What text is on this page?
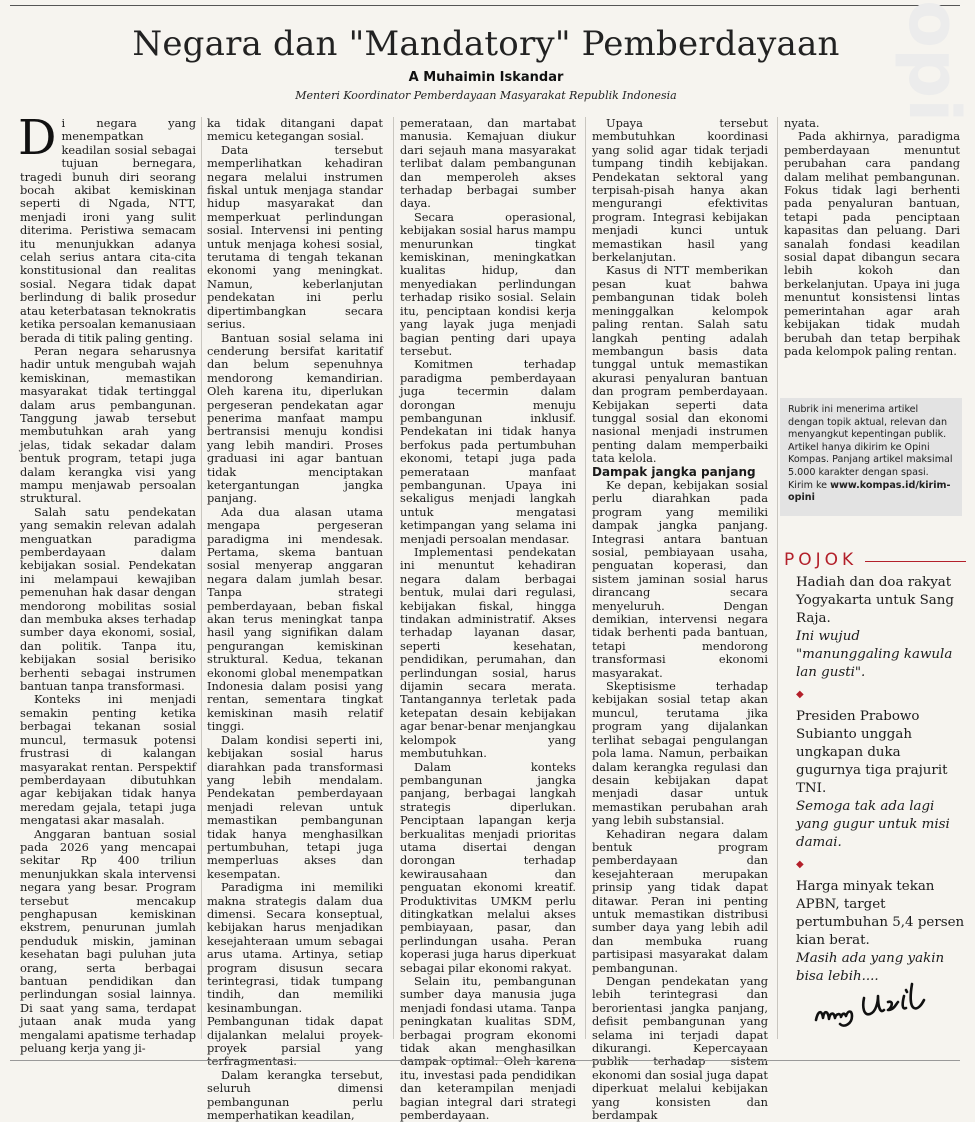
opi
Negara dan "Mandatory" Pemberdayaan
A Muhaimin Iskandar
Menteri Koordinator Pemberdayaan Masyarakat Republik Indonesia

Di negara yang menempatkan keadilan sosial sebagai tujuan bernegara, tragedi bunuh diri seorang bocah akibat kemiskinan seperti di Ngada, NTT, menjadi ironi yang sulit diterima. Peristiwa semacam itu menunjukkan adanya celah serius antara cita-cita konstitusional dan realitas sosial. Negara tidak dapat berlindung di balik prosedur atau keterbatasan teknokratis ketika persoalan kemanusiaan berada di titik paling genting.

Peran negara seharusnya hadir untuk mengubah wajah kemiskinan, memastikan masyarakat tidak tertinggal dalam arus pembangunan. Tanggung jawab tersebut membutuhkan arah yang jelas, tidak sekadar dalam bentuk program, tetapi juga dalam kerangka visi yang mampu menjawab persoalan struktural.

Salah satu pendekatan yang semakin relevan adalah menguatkan paradigma pemberdayaan dalam kebijakan sosial. Pendekatan ini melampaui kewajiban pemenuhan hak dasar dengan mendorong mobilitas sosial dan membuka akses terhadap sumber daya ekonomi, sosial, dan politik. Tanpa itu, kebijakan sosial berisiko berhenti sebagai instrumen bantuan tanpa transformasi.

Konteks ini menjadi semakin penting ketika berbagai tekanan sosial muncul, termasuk potensi frustrasi di kalangan masyarakat rentan. Perspektif pemberdayaan dibutuhkan agar kebijakan tidak hanya meredam gejala, tetapi juga mengatasi akar masalah.

Anggaran bantuan sosial pada 2026 yang mencapai sekitar Rp 400 triliun menunjukkan skala intervensi negara yang besar. Program tersebut mencakup penghapusan kemiskinan ekstrem, penurunan jumlah penduduk miskin, jaminan kesehatan bagi puluhan juta orang, serta berbagai bantuan pendidikan dan perlindungan sosial lainnya. Di saat yang sama, terdapat jutaan anak muda yang mengalami apatisme terhadap peluang kerja yang ji-

ka tidak ditangani dapat memicu ketegangan sosial.

Data tersebut memperlihatkan kehadiran negara melalui instrumen fiskal untuk menjaga standar hidup masyarakat dan memperkuat perlindungan sosial. Intervensi ini penting untuk menjaga kohesi sosial, terutama di tengah tekanan ekonomi yang meningkat. Namun, keberlanjutan pendekatan ini perlu dipertimbangkan secara serius.

Bantuan sosial selama ini cenderung bersifat karitatif dan belum sepenuhnya mendorong kemandirian. Oleh karena itu, diperlukan pergeseran pendekatan agar penerima manfaat mampu bertransisi menuju kondisi yang lebih mandiri. Proses graduasi ini agar bantuan tidak menciptakan ketergantungan jangka panjang.

Ada dua alasan utama mengapa pergeseran paradigma ini mendesak. Pertama, skema bantuan sosial menyerap anggaran negara dalam jumlah besar. Tanpa strategi pemberdayaan, beban fiskal akan terus meningkat tanpa hasil yang signifikan dalam pengurangan kemiskinan struktural. Kedua, tekanan ekonomi global menempatkan Indonesia dalam posisi yang rentan, sementara tingkat kemiskinan masih relatif tinggi.

Dalam kondisi seperti ini, kebijakan sosial harus diarahkan pada transformasi yang lebih mendalam. Pendekatan pemberdayaan menjadi relevan untuk memastikan pembangunan tidak hanya menghasilkan pertumbuhan, tetapi juga memperluas akses dan kesempatan.

Paradigma ini memiliki makna strategis dalam dua dimensi. Secara konseptual, kebijakan harus menjadikan kesejahteraan umum sebagai arus utama. Artinya, setiap program disusun secara terintegrasi, tidak tumpang tindih, dan memiliki kesinambungan. Pembangunan tidak dapat dijalankan melalui proyek-proyek parsial yang terfragmentasi.

Dalam kerangka tersebut, seluruh dimensi pembangunan perlu memperhatikan keadilan,

pemerataan, dan martabat manusia. Kemajuan diukur dari sejauh mana masyarakat terlibat dalam pembangunan dan memperoleh akses terhadap berbagai sumber daya.

Secara operasional, kebijakan sosial harus mampu menurunkan tingkat kemiskinan, meningkatkan kualitas hidup, dan menyediakan perlindungan terhadap risiko sosial. Selain itu, penciptaan kondisi kerja yang layak juga menjadi bagian penting dari upaya tersebut.

Komitmen terhadap paradigma pemberdayaan juga tecermin dalam dorongan menuju pembangunan inklusif. Pendekatan ini tidak hanya berfokus pada pertumbuhan ekonomi, tetapi juga pada pemerataan manfaat pembangunan. Upaya ini sekaligus menjadi langkah untuk mengatasi ketimpangan yang selama ini menjadi persoalan mendasar.

Implementasi pendekatan ini menuntut kehadiran negara dalam berbagai bentuk, mulai dari regulasi, kebijakan fiskal, hingga tindakan administratif. Akses terhadap layanan dasar, seperti kesehatan, pendidikan, perumahan, dan perlindungan sosial, harus dijamin secara merata. Tantangannya terletak pada ketepatan desain kebijakan agar benar-benar menjangkau kelompok yang membutuhkan.

Dalam konteks pembangunan jangka panjang, berbagai langkah strategis diperlukan. Penciptaan lapangan kerja berkualitas menjadi prioritas utama disertai dengan dorongan terhadap kewirausahaan dan penguatan ekonomi kreatif. Produktivitas UMKM perlu ditingkatkan melalui akses pembiayaan, pasar, dan perlindungan usaha. Peran koperasi juga harus diperkuat sebagai pilar ekonomi rakyat.

Selain itu, pembangunan sumber daya manusia juga menjadi fondasi utama. Tanpa peningkatan kualitas SDM, berbagai program ekonomi tidak akan menghasilkan dampak optimal. Oleh karena itu, investasi pada pendidikan dan keterampilan menjadi bagian integral dari strategi pemberdayaan.

Upaya tersebut membutuhkan koordinasi yang solid agar tidak terjadi tumpang tindih kebijakan. Pendekatan sektoral yang terpisah-pisah hanya akan mengurangi efektivitas program. Integrasi kebijakan menjadi kunci untuk memastikan hasil yang berkelanjutan.

Kasus di NTT memberikan pesan kuat bahwa pembangunan tidak boleh meninggalkan kelompok paling rentan. Salah satu langkah penting adalah membangun basis data tunggal untuk memastikan akurasi penyaluran bantuan dan program pemberdayaan. Kebijakan seperti data tunggal sosial dan ekonomi nasional menjadi instrumen penting dalam memperbaiki tata kelola.

Dampak jangka panjang

Ke depan, kebijakan sosial perlu diarahkan pada program yang memiliki dampak jangka panjang. Integrasi antara bantuan sosial, pembiayaan usaha, penguatan koperasi, dan sistem jaminan sosial harus dirancang secara menyeluruh. Dengan demikian, intervensi negara tidak berhenti pada bantuan, tetapi mendorong transformasi ekonomi masyarakat.

Skeptisisme terhadap kebijakan sosial tetap akan muncul, terutama jika program yang dijalankan terlihat sebagai pengulangan pola lama. Namun, perbaikan dalam kerangka regulasi dan desain kebijakan dapat menjadi dasar untuk memastikan perubahan arah yang lebih substansial.

Kehadiran negara dalam bentuk program pemberdayaan dan kesejahteraan merupakan prinsip yang tidak dapat ditawar. Peran ini penting untuk memastikan distribusi sumber daya yang lebih adil dan membuka ruang partisipasi masyarakat dalam pembangunan.

Dengan pendekatan yang lebih terintegrasi dan berorientasi jangka panjang, defisit pembangunan yang selama ini terjadi dapat dikurangi. Kepercayaan publik terhadap sistem ekonomi dan sosial juga dapat diperkuat melalui kebijakan yang konsisten dan berdampak

nyata.

Pada akhirnya, paradigma pemberdayaan menuntut perubahan cara pandang dalam melihat pembangunan. Fokus tidak lagi berhenti pada penyaluran bantuan, tetapi pada penciptaan kapasitas dan peluang. Dari sanalah fondasi keadilan sosial dapat dibangun secara lebih kokoh dan berkelanjutan. Upaya ini juga menuntut konsistensi lintas pemerintahan agar arah kebijakan tidak mudah berubah dan tetap berpihak pada kelompok paling rentan.

Rubrik ini menerima artikel dengan topik aktual, relevan dan menyangkut kepentingan publik. Artikel hanya dikirim ke Opini Kompas. Panjang artikel maksimal 5.000 karakter dengan spasi. Kirim ke www.kompas.id/kirim-opini
POJOK
Hadiah dan doa rakyat Yogyakarta untuk Sang Raja.
Ini wujud "manunggaling kawula lan gusti".
◆
Presiden Prabowo Subianto unggah ungkapan duka gugurnya tiga prajurit TNI.
Semoga tak ada lagi yang gugur untuk misi damai.
◆
Harga minyak tekan APBN, target pertumbuhan 5,4 persen kian berat.
Masih ada yang yakin bisa lebih....
